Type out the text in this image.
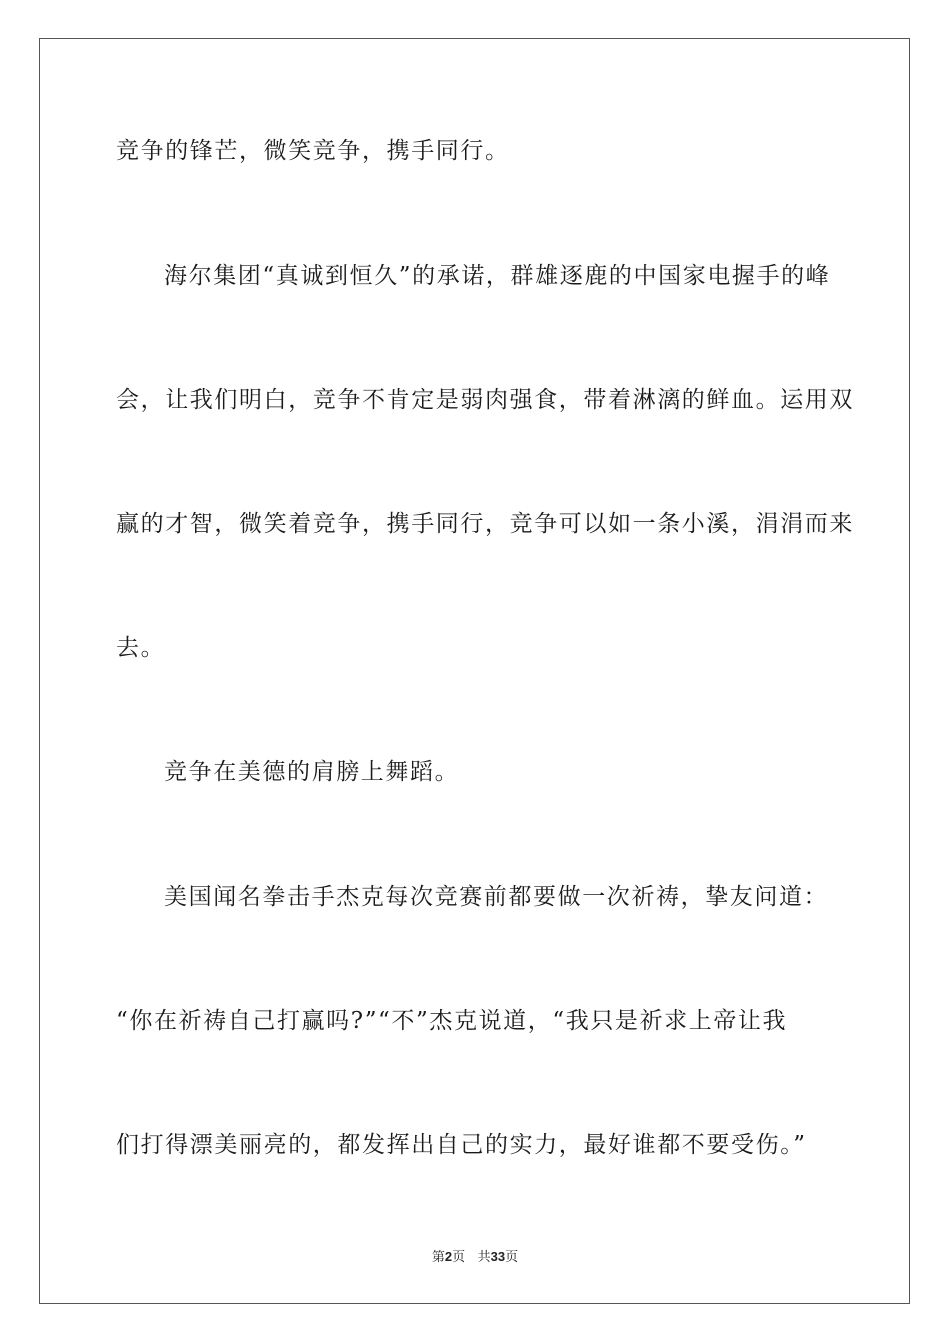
竞争的锋芒，微笑竞争，携手同行。
海尔集团“真诚到恒久”的承诺，群雄逐鹿的中国家电握手的峰
会，让我们明白，竞争不肯定是弱肉强食，带着淋漓的鲜血。运用双
赢的才智，微笑着竞争，携手同行，竞争可以如一条小溪，涓涓而来
去。
竞争在美德的肩膀上舞蹈。
美国闻名拳击手杰克每次竞赛前都要做一次祈祷，挚友问道：
“你在祈祷自己打赢吗?”“不”杰克说道，“我只是祈求上帝让我
们打得漂美丽亮的，都发挥出自己的实力，最好谁都不要受伤。”
第2页 共33页
